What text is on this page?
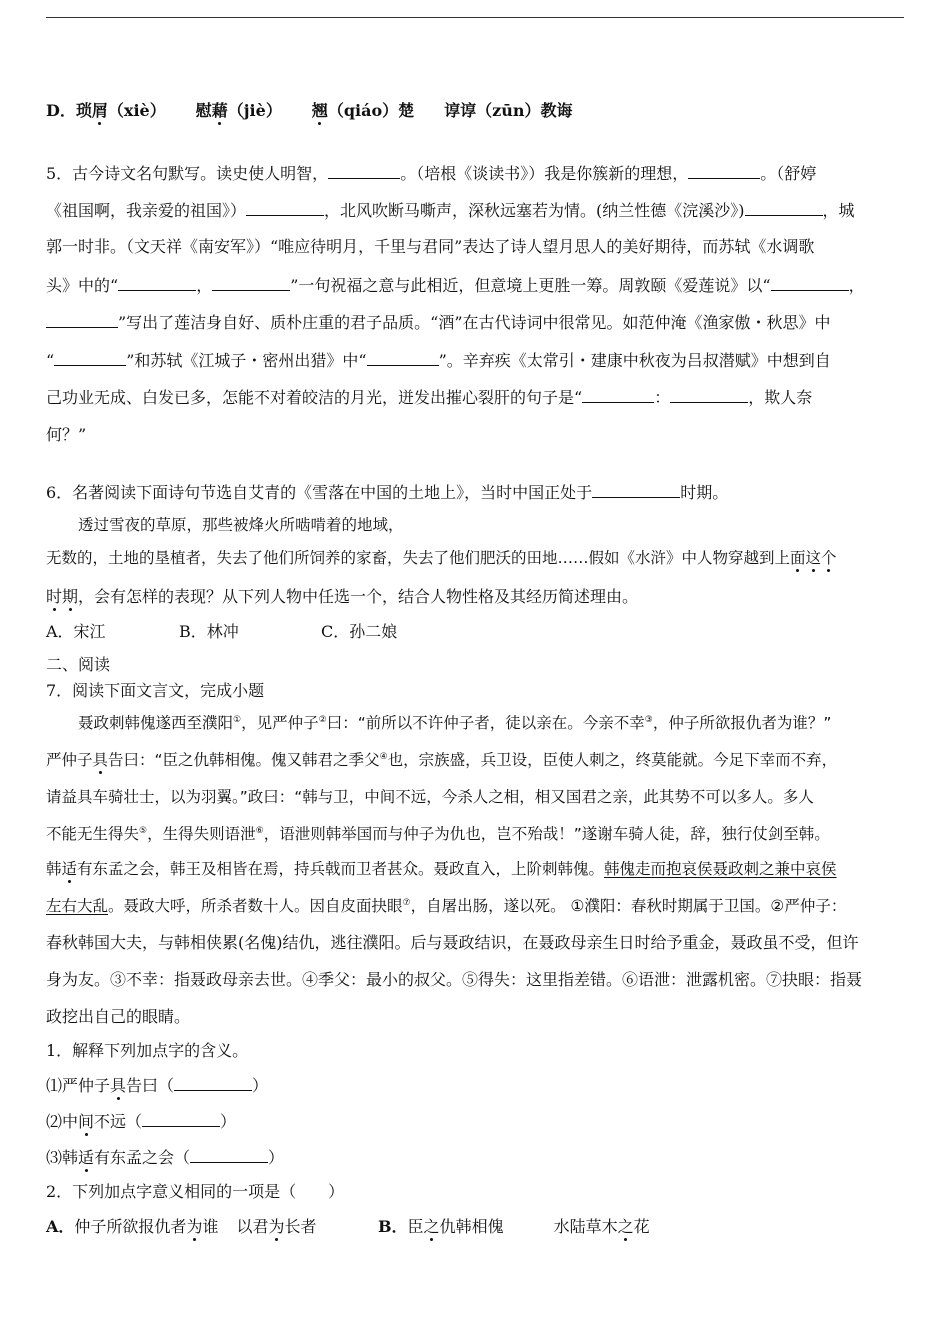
D．琐屑（xiè） 慰藉（jiè） 翘（qiáo）楚 谆谆（zūn）教诲
5．古今诗文名句默写。读史使人明智，	。（培根《谈读书》）我是你簇新的理想，	。（舒婷
《祖国啊，我亲爱的祖国》）	，北风吹断马嘶声，深秋远塞若为情。(纳兰性德《浣溪沙》)	，城
郭一时非。（文天祥《南安军》）“唯应待明月，千里与君同”表达了诗人望月思人的美好期待，而苏轼《水调歌
头》中的“	，	”一句祝福之意与此相近，但意境上更胜一筹。周敦颐《爱莲说》以“	，
”写出了莲洁身自好、质朴庄重的君子品质。“酒”在古代诗词中很常见。如范仲淹《渔家傲・秋思》中
“	”和苏轼《江城子・密州出猎》中“	”。辛弃疾《太常引・建康中秋夜为吕叔潜赋》中想到自
己功业无成、白发已多，怎能不对着皎洁的月光，迸发出摧心裂肝的句子是“	：	，欺人奈
何？”
6．名著阅读下面诗句节选自艾青的《雪落在中国的土地上》，当时中国正处于	时期。
透过雪夜的草原，那些被烽火所啮啃着的地域，
无数的，土地的垦植者，失去了他们所饲养的家畜，失去了他们肥沃的田地……假如《水浒》中人物穿越到上面这个
时期，会有怎样的表现？从下列人物中任选一个，结合人物性格及其经历简述理由。
A．宋江	B．林冲	C．孙二娘
二、阅读
7．阅读下面文言文，完成小题
聂政刺韩傀遂西至濮阳①，见严仲子②曰：“前所以不许仲子者，徒以亲在。今亲不幸③，仲子所欲报仇者为谁？”
严仲子具告曰：“臣之仇韩相傀。傀又韩君之季父④也，宗族盛，兵卫设，臣使人刺之，终莫能就。今足下幸而不弃，
请益具车骑壮士，以为羽翼。”政曰：“韩与卫，中间不远，今杀人之相，相又国君之亲，此其势不可以多人。多人
不能无生得失⑤，生得失则语泄⑥，语泄则韩举国而与仲子为仇也，岂不殆哉！”遂谢车骑人徒，辞，独行仗剑至韩。
韩适有东孟之会，韩王及相皆在焉，持兵戟而卫者甚众。聂政直入，上阶刺韩傀。韩傀走而抱哀侯聂政刺之兼中哀侯
左右大乱。聂政大呼，所杀者数十人。因自皮面抉眼⑦，自屠出肠，遂以死。 ①濮阳：春秋时期属于卫国。②严仲子：
春秋韩国大夫，与韩相侠累(名傀)结仇，逃往濮阳。后与聂政结识，在聂政母亲生日时给予重金，聂政虽不受，但许
身为友。③不幸：指聂政母亲去世。④季父：最小的叔父。⑤得失：这里指差错。⑥语泄：泄露机密。⑦抉眼：指聂
政挖出自己的眼睛。
1．解释下列加点字的含义。
⑴严仲子具告曰（	）
⑵中间不远（	）
⑶韩适有东孟之会（	）
2．下列加点字意义相同的一项是（　　）
A．仲子所欲报仇者为谁 以君为长者	B．臣之仇韩相傀	水陆草木之花
